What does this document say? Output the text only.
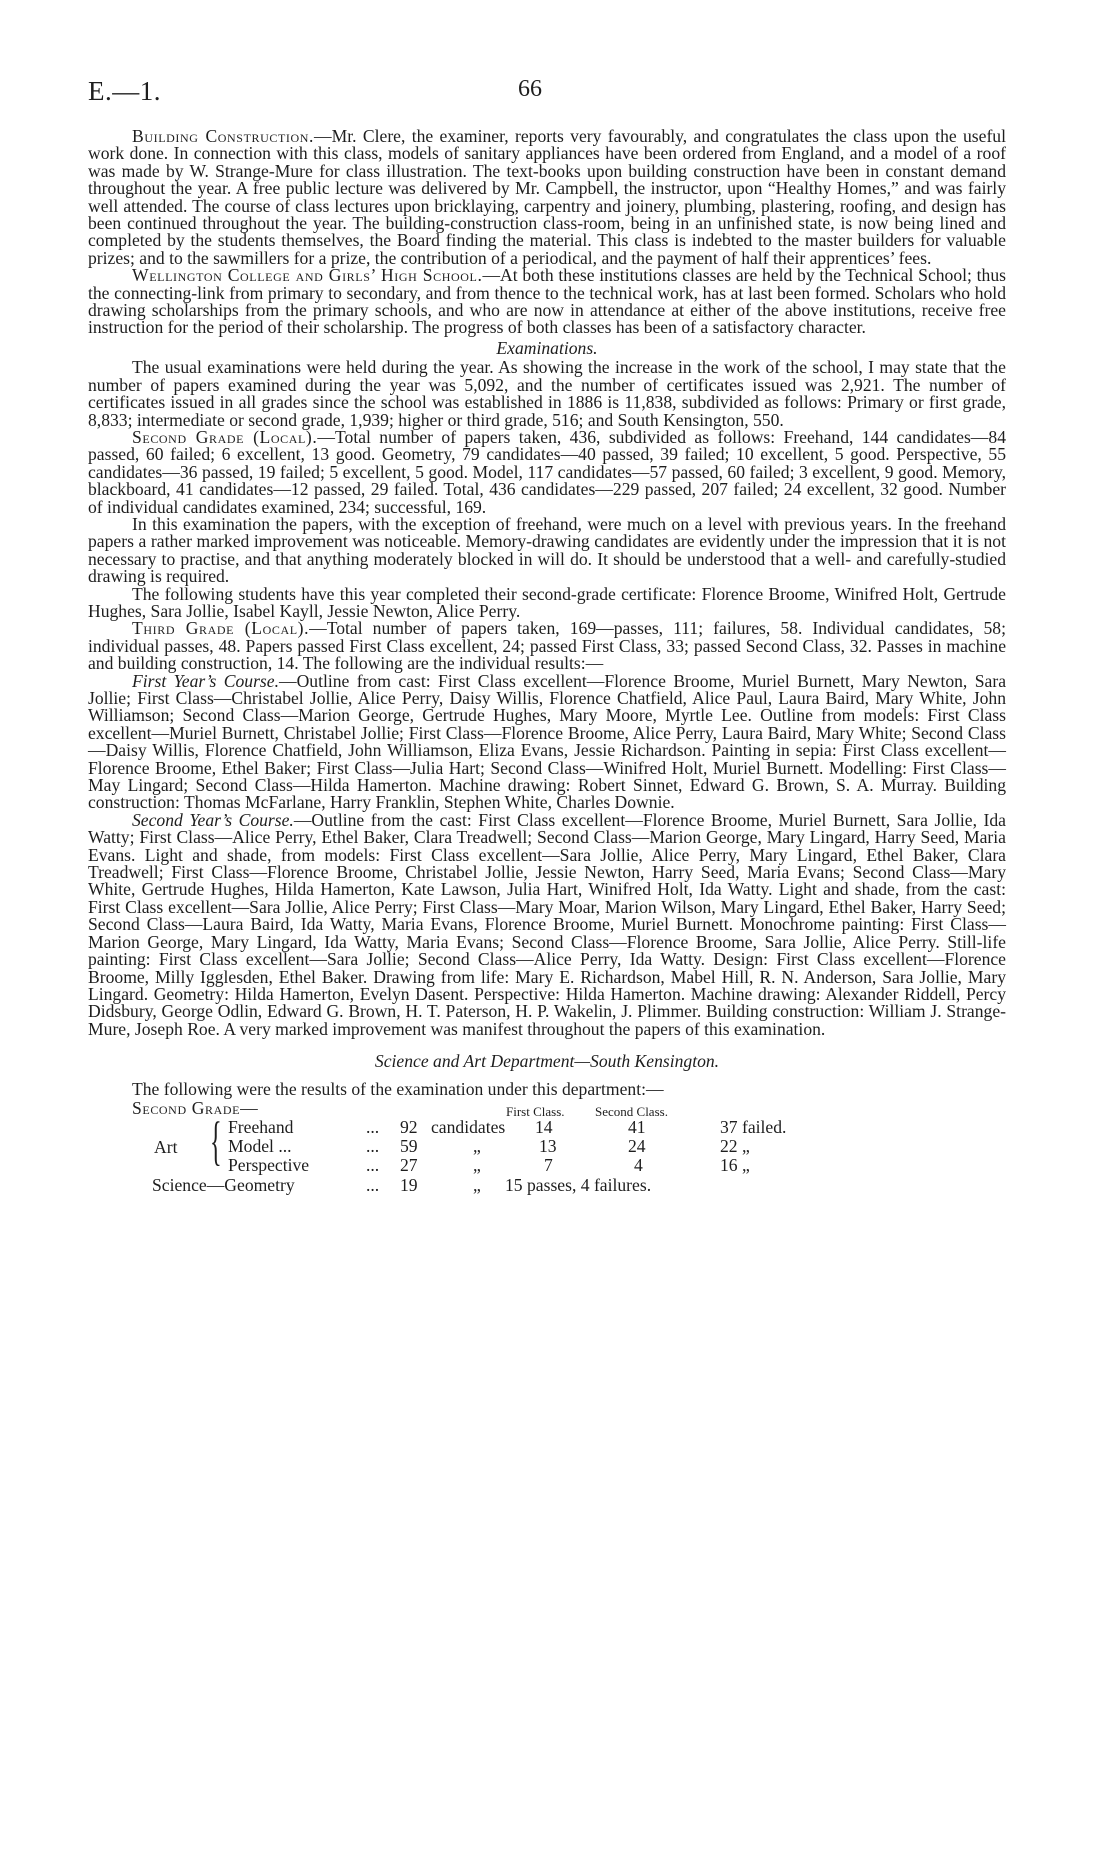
E.—1.	66

Building Construction.—Mr. Clere, the examiner, reports very favourably, and congratulates the class upon the useful work done. In connection with this class, models of sanitary appliances have been ordered from England, and a model of a roof was made by W. Strange-Mure for class illustration. The text-books upon building construction have been in constant demand throughout the year. A free public lecture was delivered by Mr. Campbell, the instructor, upon “Healthy Homes,” and was fairly well attended. The course of class lectures upon bricklaying, carpentry and joinery, plumbing, plastering, roofing, and design has been continued throughout the year. The building-construction class-room, being in an unfinished state, is now being lined and completed by the students themselves, the Board finding the material. This class is indebted to the master builders for valuable prizes; and to the sawmillers for a prize, the contribution of a periodical, and the payment of half their apprentices’ fees.

Wellington College and Girls’ High School.—At both these institutions classes are held by the Technical School; thus the connecting-link from primary to secondary, and from thence to the technical work, has at last been formed. Scholars who hold drawing scholarships from the primary schools, and who are now in attendance at either of the above institutions, receive free instruction for the period of their scholarship. The progress of both classes has been of a satisfactory character.

Examinations.

The usual examinations were held during the year. As showing the increase in the work of the school, I may state that the number of papers examined during the year was 5,092, and the number of certificates issued was 2,921. The number of certificates issued in all grades since the school was established in 1886 is 11,838, subdivided as follows: Primary or first grade, 8,833; intermediate or second grade, 1,939; higher or third grade, 516; and South Kensington, 550.

Second Grade (Local).—Total number of papers taken, 436, subdivided as follows: Freehand, 144 candidates—84 passed, 60 failed; 6 excellent, 13 good. Geometry, 79 candidates—40 passed, 39 failed; 10 excellent, 5 good. Perspective, 55 candidates—36 passed, 19 failed; 5 excellent, 5 good. Model, 117 candidates—57 passed, 60 failed; 3 excellent, 9 good. Memory, blackboard, 41 candidates—12 passed, 29 failed. Total, 436 candidates—229 passed, 207 failed; 24 excellent, 32 good. Number of individual candidates examined, 234; successful, 169.

In this examination the papers, with the exception of freehand, were much on a level with previous years. In the freehand papers a rather marked improvement was noticeable. Memory-drawing candidates are evidently under the impression that it is not necessary to practise, and that anything moderately blocked in will do. It should be understood that a well- and carefully-studied drawing is required.

The following students have this year completed their second-grade certificate: Florence Broome, Winifred Holt, Gertrude Hughes, Sara Jollie, Isabel Kayll, Jessie Newton, Alice Perry.

Third Grade (Local).—Total number of papers taken, 169—passes, 111; failures, 58. Individual candidates, 58; individual passes, 48. Papers passed First Class excellent, 24; passed First Class, 33; passed Second Class, 32. Passes in machine and building construction, 14. The following are the individual results:—

First Year’s Course.—Outline from cast: First Class excellent—Florence Broome, Muriel Burnett, Mary Newton, Sara Jollie; First Class—Christabel Jollie, Alice Perry, Daisy Willis, Florence Chatfield, Alice Paul, Laura Baird, Mary White, John Williamson; Second Class—Marion George, Gertrude Hughes, Mary Moore, Myrtle Lee. Outline from models: First Class excellent—Muriel Burnett, Christabel Jollie; First Class—Florence Broome, Alice Perry, Laura Baird, Mary White; Second Class—Daisy Willis, Florence Chatfield, John Williamson, Eliza Evans, Jessie Richardson. Painting in sepia: First Class excellent—Florence Broome, Ethel Baker; First Class—Julia Hart; Second Class—Winifred Holt, Muriel Burnett. Modelling: First Class—May Lingard; Second Class—Hilda Hamerton. Machine drawing: Robert Sinnet, Edward G. Brown, S. A. Murray. Building construction: Thomas McFarlane, Harry Franklin, Stephen White, Charles Downie.

Second Year’s Course.—Outline from the cast: First Class excellent—Florence Broome, Muriel Burnett, Sara Jollie, Ida Watty; First Class—Alice Perry, Ethel Baker, Clara Treadwell; Second Class—Marion George, Mary Lingard, Harry Seed, Maria Evans. Light and shade, from models: First Class excellent—Sara Jollie, Alice Perry, Mary Lingard, Ethel Baker, Clara Treadwell; First Class—Florence Broome, Christabel Jollie, Jessie Newton, Harry Seed, Maria Evans; Second Class—Mary White, Gertrude Hughes, Hilda Hamerton, Kate Lawson, Julia Hart, Winifred Holt, Ida Watty. Light and shade, from the cast: First Class excellent—Sara Jollie, Alice Perry; First Class—Mary Moar, Marion Wilson, Mary Lingard, Ethel Baker, Harry Seed; Second Class—Laura Baird, Ida Watty, Maria Evans, Florence Broome, Muriel Burnett. Monochrome painting: First Class—Marion George, Mary Lingard, Ida Watty, Maria Evans; Second Class—Florence Broome, Sara Jollie, Alice Perry. Still-life painting: First Class excellent—Sara Jollie; Second Class—Alice Perry, Ida Watty. Design: First Class excellent—Florence Broome, Milly Igglesden, Ethel Baker. Drawing from life: Mary E. Richardson, Mabel Hill, R. N. Anderson, Sara Jollie, Mary Lingard. Geometry: Hilda Hamerton, Evelyn Dasent. Perspective: Hilda Hamerton. Machine drawing: Alexander Riddell, Percy Didsbury, George Odlin, Edward G. Brown, H. T. Paterson, H. P. Wakelin, J. Plimmer. Building construction: William J. Strange-Mure, Joseph Roe. A very marked improvement was manifest throughout the papers of this examination.

Science and Art Department—South Kensington.

The following were the results of the examination under this department:—

Second Grade—	First Class. Second Class.
Art { Freehand	... 92 candidates 14	41	37 failed.
Model ...	... 59	„	13	24	22 „
Perspective	... 27	„	7	4	16 „
Science—Geometry	... 19	„ 15 passes, 4 failures.
